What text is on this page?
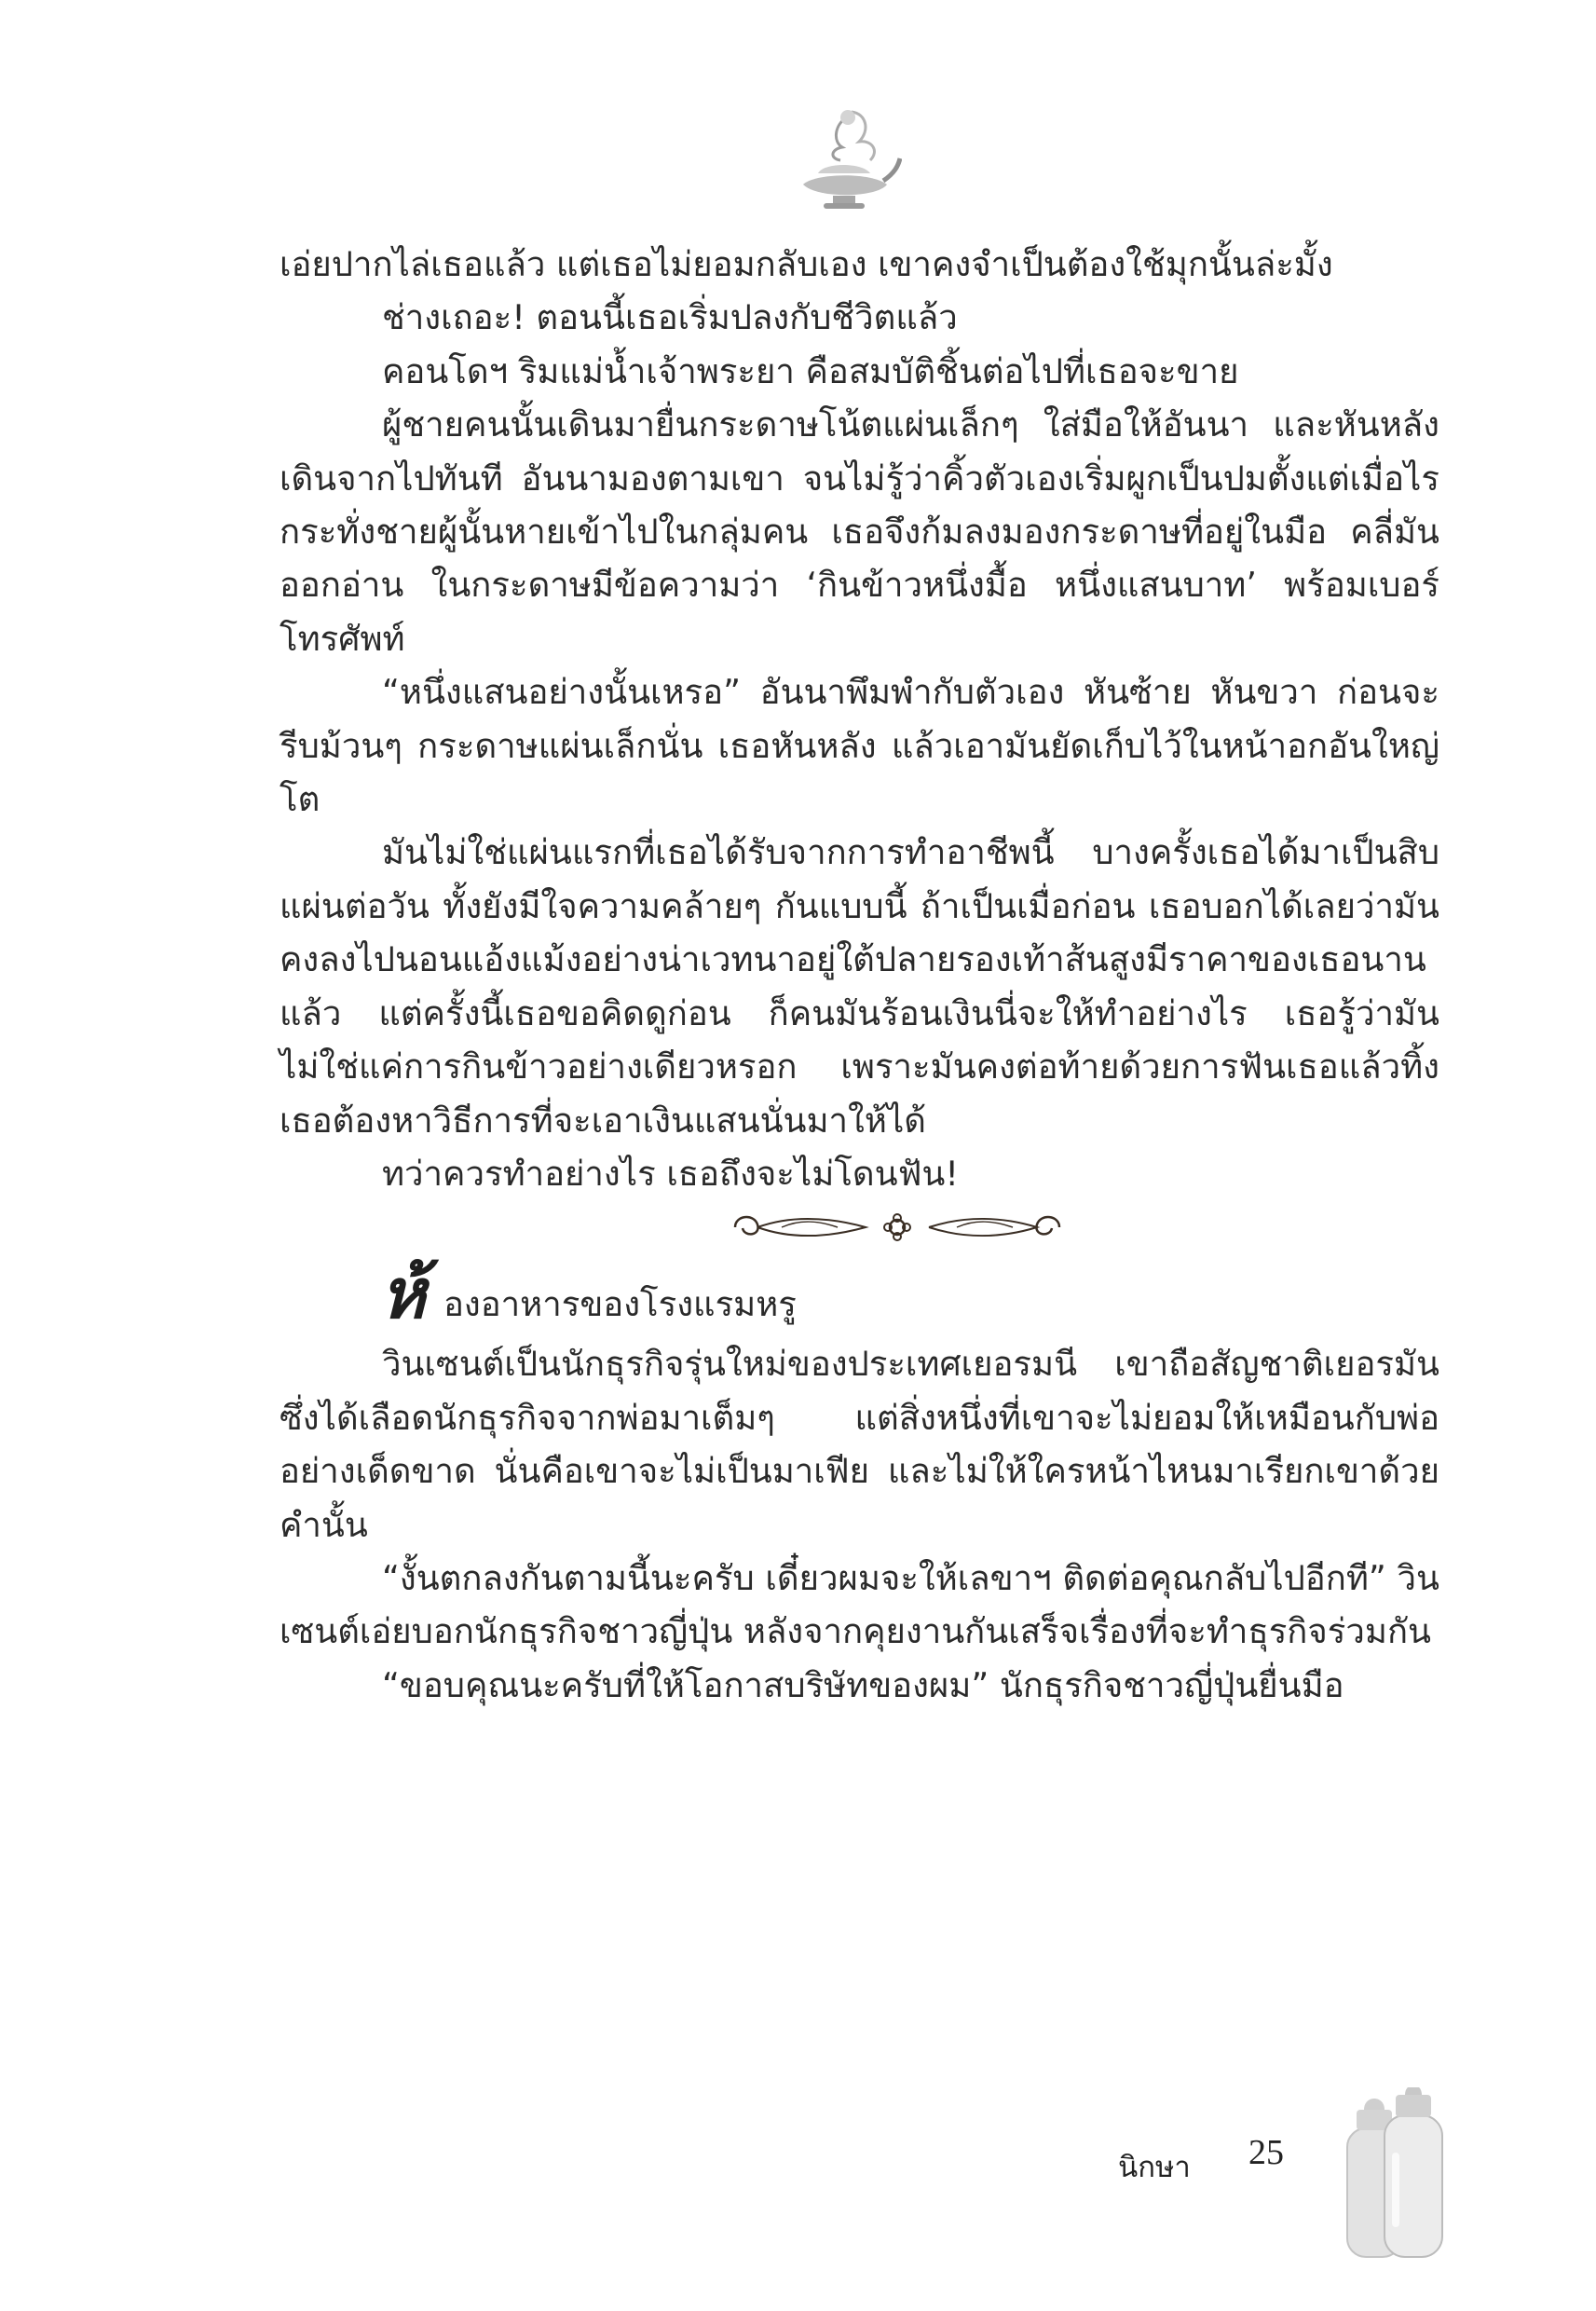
เอ่ยปากไล่เธอแล้ว แต่เธอไม่ยอมกลับเอง เขาคงจำเป็นต้องใช้มุกนั้นล่ะมั้ง

ช่างเถอะ! ตอนนี้เธอเริ่มปลงกับชีวิตแล้ว

คอนโดฯ ริมแม่น้ำเจ้าพระยา คือสมบัติชิ้นต่อไปที่เธอจะขาย

ผู้ชายคนนั้นเดินมายื่นกระดาษโน้ตแผ่นเล็กๆ ใส่มือให้อันนา และหันหลังเดินจากไปทันที อันนามองตามเขา จนไม่รู้ว่าคิ้วตัวเองเริ่มผูกเป็นปมตั้งแต่เมื่อไร กระทั่งชายผู้นั้นหายเข้าไปในกลุ่มคน เธอจึงก้มลงมองกระดาษที่อยู่ในมือ คลี่มันออกอ่าน ในกระดาษมีข้อความว่า ‘กินข้าวหนึ่งมื้อ หนึ่งแสนบาท’ พร้อมเบอร์โทรศัพท์

“หนึ่งแสนอย่างนั้นเหรอ” อันนาพึมพำกับตัวเอง หันซ้าย หันขวา ก่อนจะรีบม้วนๆ กระดาษแผ่นเล็กนั่น เธอหันหลัง แล้วเอามันยัดเก็บไว้ในหน้าอกอันใหญ่โต

มันไม่ใช่แผ่นแรกที่เธอได้รับจากการทำอาชีพนี้ บางครั้งเธอได้มาเป็นสิบแผ่นต่อวัน ทั้งยังมีใจความคล้ายๆ กันแบบนี้ ถ้าเป็นเมื่อก่อน เธอบอกได้เลยว่ามันคงลงไปนอนแอ้งแม้งอย่างน่าเวทนาอยู่ใต้ปลายรองเท้าส้นสูงมีราคาของเธอนานแล้ว แต่ครั้งนี้เธอขอคิดดูก่อน ก็คนมันร้อนเงินนี่จะให้ทำอย่างไร เธอรู้ว่ามันไม่ใช่แค่การกินข้าวอย่างเดียวหรอก เพราะมันคงต่อท้ายด้วยการฟันเธอแล้วทิ้ง เธอต้องหาวิธีการที่จะเอาเงินแสนนั่นมาให้ได้

ทว่าควรทำอย่างไร เธอถึงจะไม่โดนฟัน!

ห้ องอาหารของโรงแรมหรู

วินเซนต์เป็นนักธุรกิจรุ่นใหม่ของประเทศเยอรมนี เขาถือสัญชาติเยอรมัน ซึ่งได้เลือดนักธุรกิจจากพ่อมาเต็มๆ แต่สิ่งหนึ่งที่เขาจะไม่ยอมให้เหมือนกับพ่ออย่างเด็ดขาด นั่นคือเขาจะไม่เป็นมาเฟีย และไม่ให้ใครหน้าไหนมาเรียกเขาด้วยคำนั้น

“งั้นตกลงกันตามนี้นะครับ เดี๋ยวผมจะให้เลขาฯ ติดต่อคุณกลับไปอีกที” วินเซนต์เอ่ยบอกนักธุรกิจชาวญี่ปุ่น หลังจากคุยงานกันเสร็จเรื่องที่จะทำธุรกิจร่วมกัน

“ขอบคุณนะครับที่ให้โอกาสบริษัทของผม” นักธุรกิจชาวญี่ปุ่นยื่นมือ

นิกษา 25
